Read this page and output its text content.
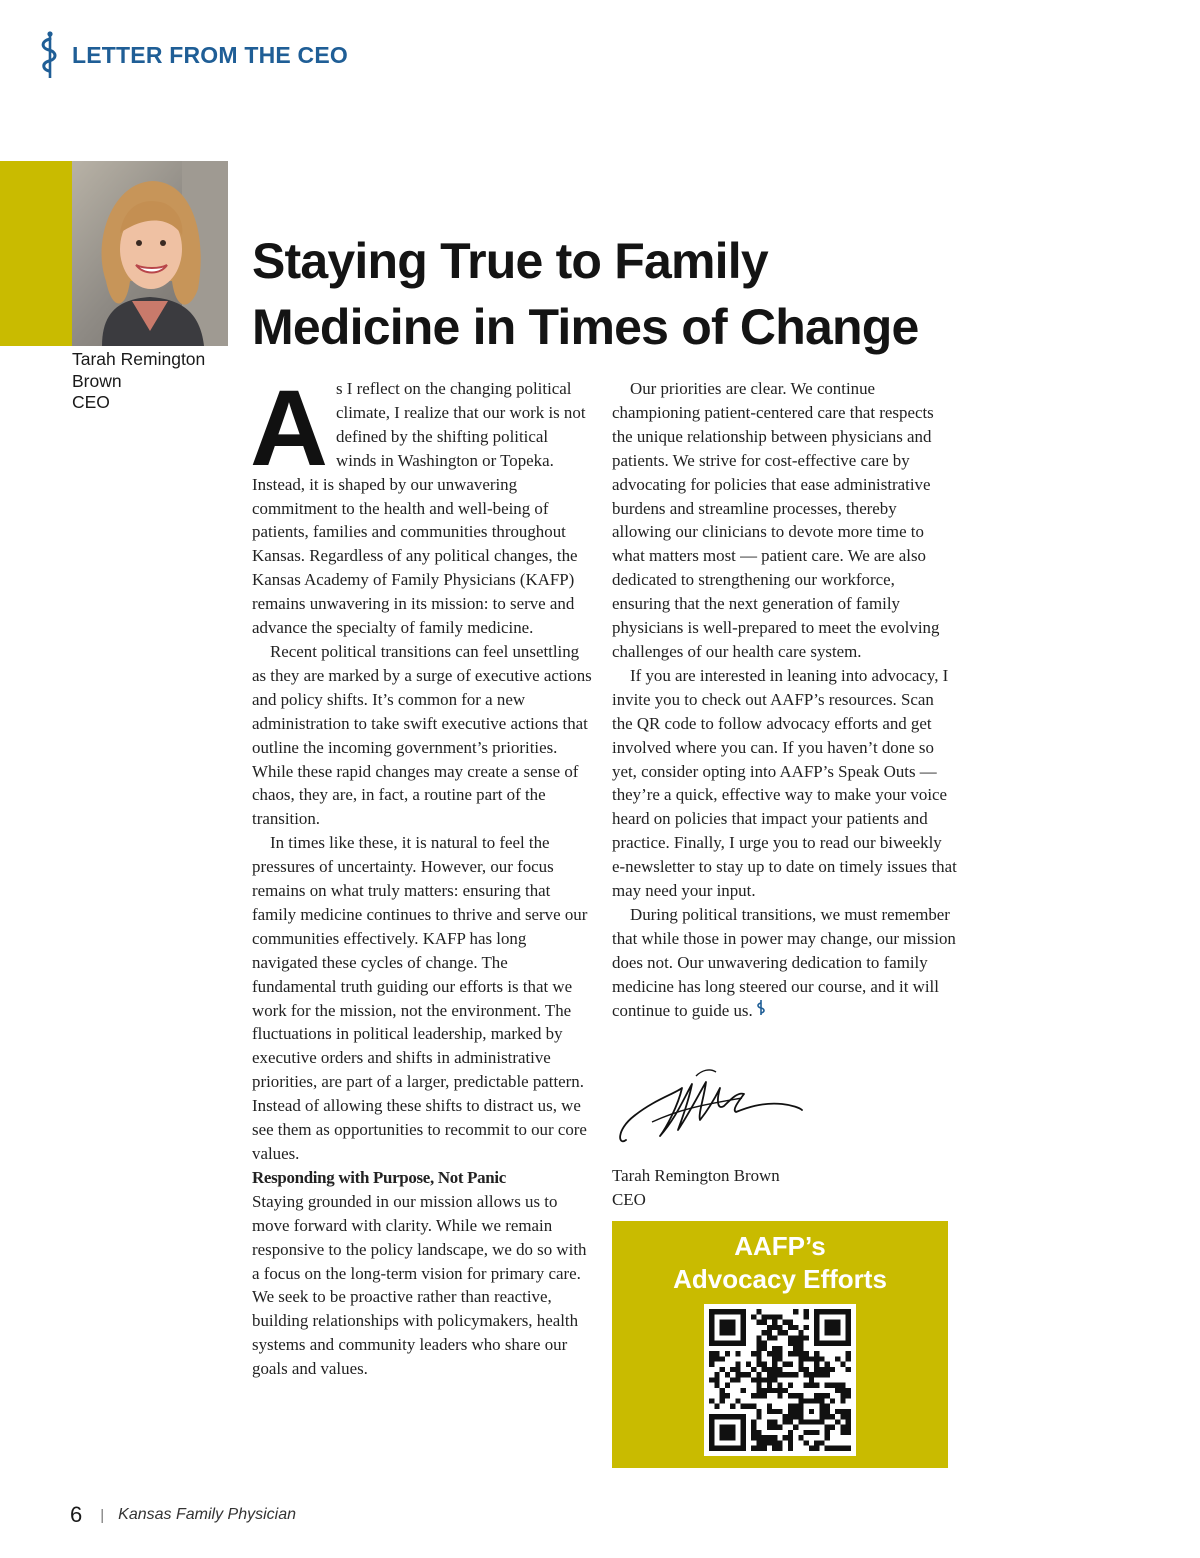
LETTER FROM THE CEO
Tarah Remington
Brown
CEO
Staying True to Family
Medicine in Times of Change

As I reflect on the changing political climate, I realize that our work is not defined by the shifting political winds in Washington or Topeka. Instead, it is shaped by our unwavering commitment to the health and well-being of patients, families and communities throughout Kansas. Regardless of any political changes, the Kansas Academy of Family Physicians (KAFP) remains unwavering in its mission: to serve and advance the specialty of family medicine.

Recent political transitions can feel unsettling as they are marked by a surge of executive actions and policy shifts. It’s common for a new administration to take swift executive actions that outline the incoming government’s priorities. While these rapid changes may create a sense of chaos, they are, in fact, a routine part of the transition.

In times like these, it is natural to feel the pressures of uncertainty. However, our focus remains on what truly matters: ensuring that family medicine continues to thrive and serve our communities effectively. KAFP has long navigated these cycles of change. The fundamental truth guiding our efforts is that we work for the mission, not the environment. The fluctuations in political leadership, marked by executive orders and shifts in administrative priorities, are part of a larger, predictable pattern. Instead of allowing these shifts to distract us, we see them as opportunities to recommit to our core values.

Responding with Purpose, Not Panic

Staying grounded in our mission allows us to move forward with clarity. While we remain responsive to the policy landscape, we do so with a focus on the long-term vision for primary care. We seek to be proactive rather than reactive, building relationships with policymakers, health systems and community leaders who share our goals and values.

Our priorities are clear. We continue championing patient-centered care that respects the unique relationship between physicians and patients. We strive for cost-effective care by advocating for policies that ease administrative burdens and streamline processes, thereby allowing our clinicians to devote more time to what matters most — patient care. We are also dedicated to strengthening our workforce, ensuring that the next generation of family physicians is well-prepared to meet the evolving challenges of our health care system.

If you are interested in leaning into advocacy, I invite you to check out AAFP’s resources. Scan the QR code to follow advocacy efforts and get involved where you can. If you haven’t done so yet, consider opting into AAFP’s Speak Outs — they’re a quick, effective way to make your voice heard on policies that impact your patients and practice. Finally, I urge you to read our biweekly e-newsletter to stay up to date on timely issues that may need your input.

During political transitions, we must remember that while those in power may change, our mission does not. Our unwavering dedication to family medicine has long steered our course, and it will continue to guide us.

Tarah Remington Brown
CEO
AAFP’s
Advocacy Efforts
6 | Kansas Family Physician
